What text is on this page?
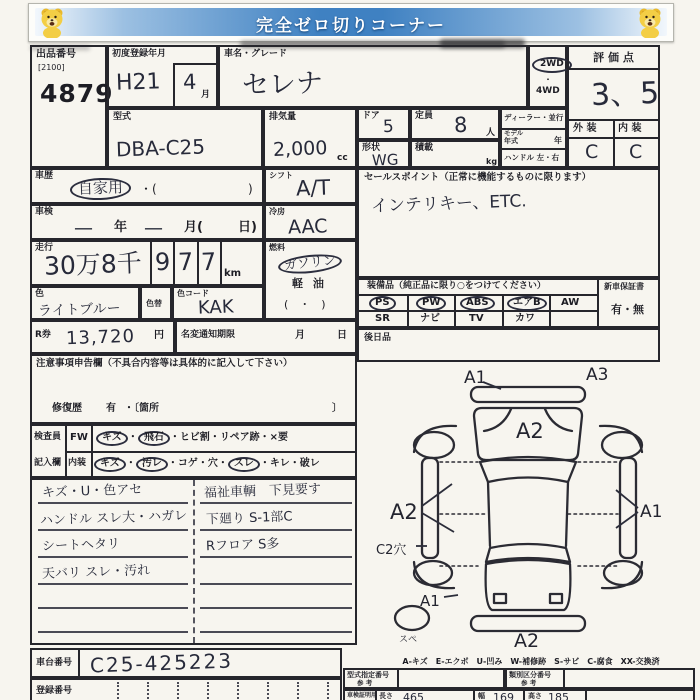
完全ゼロ切りコーナー
出品番号
[2100]
4879
初度登録年月
H21 4
月
車名・グレード
セレナ
2WD
・
4WD
評 価 点
3、5
外 装 内 装
C C
型式
DBA-C25
排気量
2,000 cc
ドア
5
定員 8 人
形状
WG
積載
kg
ディーラー・並行
モデル
年式	年
ハンドル 左・右
車歴
自家用	・(	)
シフト A/T
車検
— 年 — 月(	日)
冷房
AAC
走行
30万8千 9 7 7 km
燃料
ガソリン
軽 油
(　・　)
色
ライトブルー	色替
色コード
KAK
R券 13,720 円 名変通知期限	月	日
注意事項申告欄（不具合内容等は具体的に記入して下さい）
修復歴 有 ・〔箇所	〕
検査員
記入欄
FW
内装
キズ ・ 飛石 ・ヒビ割・リペア跡・×要
キズ ・ 汚レ ・コゲ・穴・ スレ ・キレ・破レ
キズ・U・色アセ
ハンドル スレ大・ハガレ
シートヘタリ
天バリ スレ・汚れ
福祉車輌　下見要す
下廻り S-1部C
Rフロア S多
車台番号 C25-425223
登録番号
セールスポイント（正常に機能するものに限ります）
インテリキー、ETC.
装備品（純正品に限り○をつけてください）
PS	PW	ABS	エアB	AW
SR	ナビ	TV	カワ
新車保証書
有・無
後日品
A1	A3
A2
A2
C2穴
A1
A1
A2
スペ
A-キズ　E-エクボ　U-凹み　W-補修跡　S-サビ　C-腐食　XX-交換済
型式指定番号
参 考
類別区分番号
参 考
車検証明用 長さ 465	幅 169 高さ 185
